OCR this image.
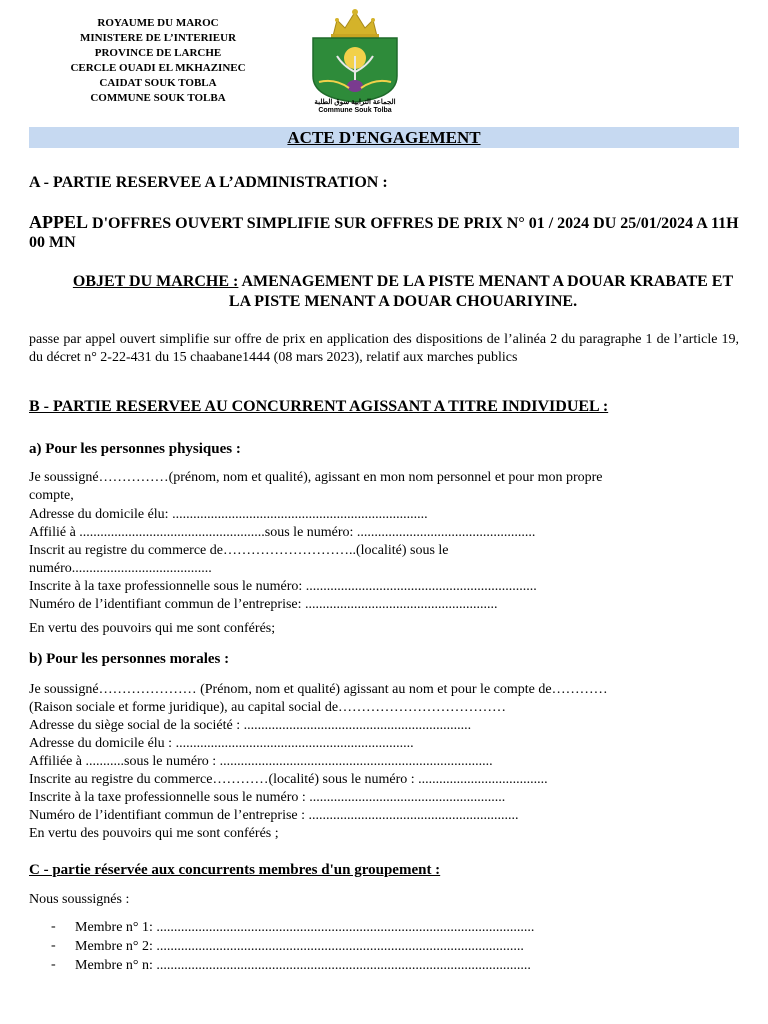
ROYAUME DU MAROC
MINISTERE DE L’INTERIEUR
PROVINCE DE LARCHE
CERCLE OUADI EL MKHAZINEC
CAIDAT SOUK TOBLA
COMMUNE SOUK TOLBA	الجماعة الترابية سوق الطلبة
Commune Souk Tolba
ACTE D'ENGAGEMENT
A - PARTIE RESERVEE A L’ADMINISTRATION :
APPEL D'OFFRES OUVERT SIMPLIFIE SUR OFFRES DE PRIX N° 01 / 2024 DU 25/01/2024 A 11H 00 MN
OBJET DU MARCHE : AMENAGEMENT DE LA PISTE MENANT A DOUAR KRABATE ET LA PISTE MENANT A DOUAR CHOUARIYINE.
passe par appel ouvert simplifie sur offre de prix en application des dispositions de l’alinéa 2 du paragraphe 1 de l’article 19, du décret n° 2-22-431 du 15 chaabane1444 (08 mars 2023), relatif aux marches publics
B - PARTIE RESERVEE AU CONCURRENT AGISSANT A TITRE INDIVIDUEL :
a) Pour les personnes physiques :
Je soussigné……………(prénom, nom et qualité), agissant en mon nom personnel et pour mon propre
compte,
Adresse du domicile élu: .........................................................................
Affilié à .....................................................sous le numéro: ...................................................
Inscrit au registre du commerce de………………………..(localité) sous le
numéro........................................
Inscrite à la taxe professionnelle sous le numéro: ..................................................................
Numéro de l’identifiant commun de l’entreprise: .......................................................
En vertu des pouvoirs qui me sont conférés;
b) Pour les personnes morales :
Je soussigné………………… (Prénom, nom et qualité) agissant au nom et pour le compte de…………
(Raison sociale et forme juridique), au capital social de………………………………
Adresse du siège social de la société : .................................................................
Adresse du domicile élu : ....................................................................
Affiliée à ...........sous le numéro : ..............................................................................
Inscrite au registre du commerce…………(localité) sous le numéro : .....................................
Inscrite à la taxe professionnelle sous le numéro : ........................................................
Numéro de l’identifiant commun de l’entreprise : ............................................................
En vertu des pouvoirs qui me sont conférés ;
C - partie réservée aux concurrents membres d'un groupement :
Nous soussignés :
- Membre n° 1: ............................................................................................................
- Membre n° 2: .........................................................................................................
- Membre n° n: ...........................................................................................................
